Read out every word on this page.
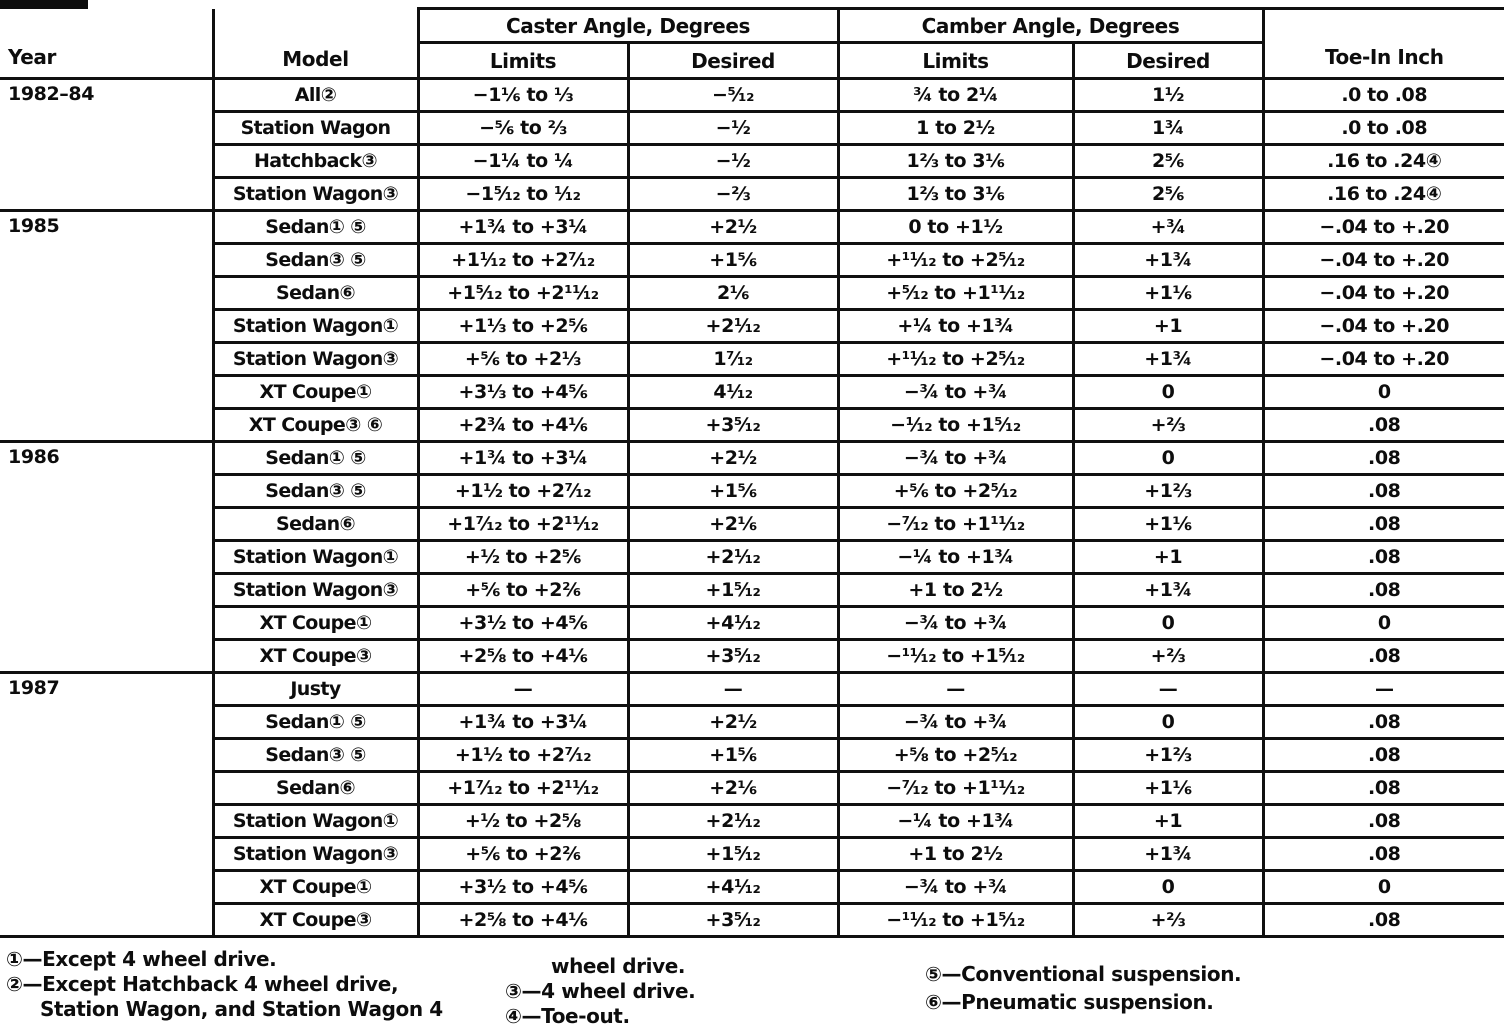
Year	Model	Caster Angle, Degrees		Camber Angle, Degrees		Toe-In Inch
		Limits	Desired	Limits	Desired	
1982–84	All②	−1⅙ to ⅓	−⁵⁄₁₂	¾ to 2¼	1½	.0 to .08
	Station Wagon	−⅚ to ⅔	−½	1 to 2½	1¾	.0 to .08
	Hatchback③	−1¼ to ¼	−½	1⅔ to 3⅙	2⅚	.16 to .24④
	Station Wagon③	−1⁵⁄₁₂ to ¹⁄₁₂	−⅔	1⅔ to 3⅙	2⅚	.16 to .24④
1985	Sedan① ⑤	+1¾ to +3¼	+2½	0 to +1½	+¾	−.04 to +.20
	Sedan③ ⑤	+1¹⁄₁₂ to +2⁷⁄₁₂	+1⅚	+¹¹⁄₁₂ to +2⁵⁄₁₂	+1¾	−.04 to +.20
	Sedan⑥	+1⁵⁄₁₂ to +2¹¹⁄₁₂	2⅙	+⁵⁄₁₂ to +1¹¹⁄₁₂	+1⅙	−.04 to +.20
	Station Wagon①	+1⅓ to +2⅚	+2¹⁄₁₂	+¼ to +1¾	+1	−.04 to +.20
	Station Wagon③	+⅚ to +2⅓	1⁷⁄₁₂	+¹¹⁄₁₂ to +2⁵⁄₁₂	+1¾	−.04 to +.20
	XT Coupe①	+3⅓ to +4⅚	4¹⁄₁₂	−¾ to +¾	0	0
	XT Coupe③ ⑥	+2¾ to +4⅙	+3⁵⁄₁₂	−¹⁄₁₂ to +1⁵⁄₁₂	+⅔	.08
1986	Sedan① ⑤	+1¾ to +3¼	+2½	−¾ to +¾	0	.08
	Sedan③ ⑤	+1½ to +2⁷⁄₁₂	+1⅚	+⅚ to +2⁵⁄₁₂	+1⅔	.08
	Sedan⑥	+1⁷⁄₁₂ to +2¹¹⁄₁₂	+2⅙	−⁷⁄₁₂ to +1¹¹⁄₁₂	+1⅙	.08
	Station Wagon①	+½ to +2⅚	+2¹⁄₁₂	−¼ to +1¾	+1	.08
	Station Wagon③	+⅚ to +2²⁄₆	+1⁵⁄₁₂	+1 to 2½	+1¾	.08
	XT Coupe①	+3½ to +4⅚	+4¹⁄₁₂	−¾ to +¾	0	0
	XT Coupe③	+2⅝ to +4⅙	+3⁵⁄₁₂	−¹¹⁄₁₂ to +1⁵⁄₁₂	+⅔	.08
1987	Justy	—	—	—	—	—
	Sedan① ⑤	+1¾ to +3¼	+2½	−¾ to +¾	0	.08
	Sedan③ ⑤	+1½ to +2⁷⁄₁₂	+1⅚	+⅝ to +2⁵⁄₁₂	+1⅔	.08
	Sedan⑥	+1⁷⁄₁₂ to +2¹¹⁄₁₂	+2⅙	−⁷⁄₁₂ to +1¹¹⁄₁₂	+1⅙	.08
	Station Wagon①	+½ to +2⅝	+2¹⁄₁₂	−¼ to +1¾	+1	.08
	Station Wagon③	+⅚ to +2²⁄₆	+1⁵⁄₁₂	+1 to 2½	+1¾	.08
	XT Coupe①	+3½ to +4⅚	+4¹⁄₁₂	−¾ to +¾	0	0
	XT Coupe③	+2⅝ to +4⅙	+3⁵⁄₁₂	−¹¹⁄₁₂ to +1⁵⁄₁₂	+⅔	.08
①—Except 4 wheel drive.
②—Except Hatchback 4 wheel drive,
Station Wagon, and Station Wagon 4
wheel drive.
③—4 wheel drive.
④—Toe-out.
⑤—Conventional suspension.
⑥—Pneumatic suspension.
